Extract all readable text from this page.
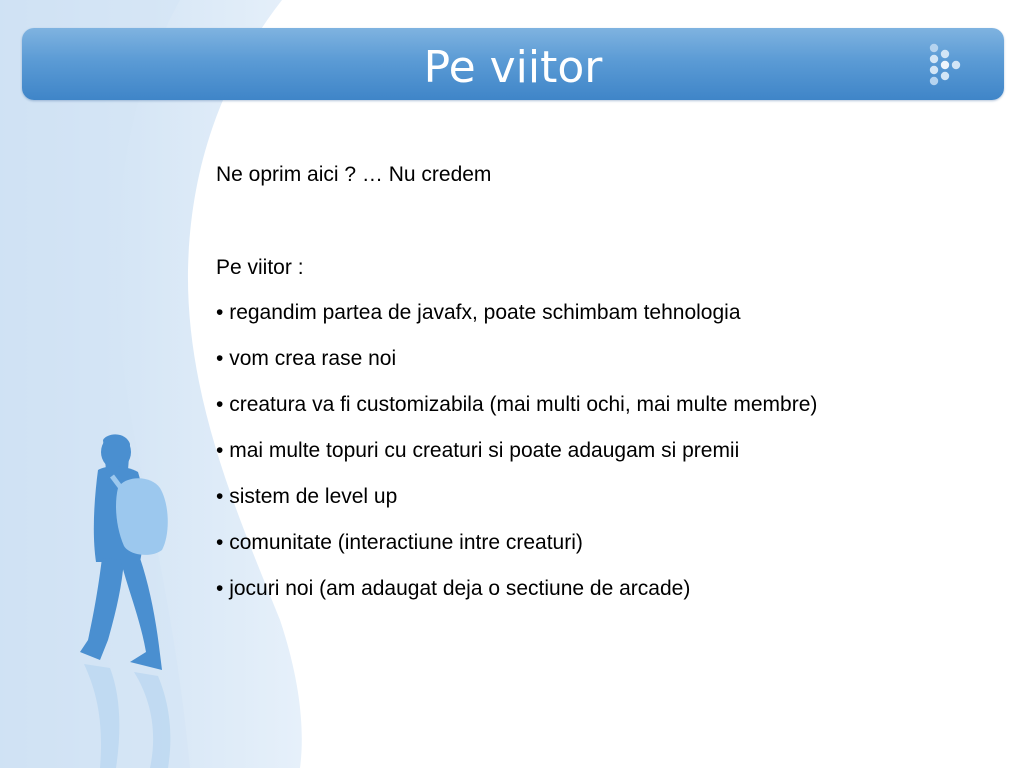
Pe viitor

Ne oprim aici ? … Nu credem

Pe viitor :

• regandim partea de javafx, poate schimbam tehnologia
• vom crea rase noi
• creatura va fi customizabila (mai multi ochi, mai multe membre)
• mai multe topuri cu creaturi si poate adaugam si premii
• sistem de level up
• comunitate (interactiune intre creaturi)
• jocuri noi (am adaugat deja o sectiune de arcade)
